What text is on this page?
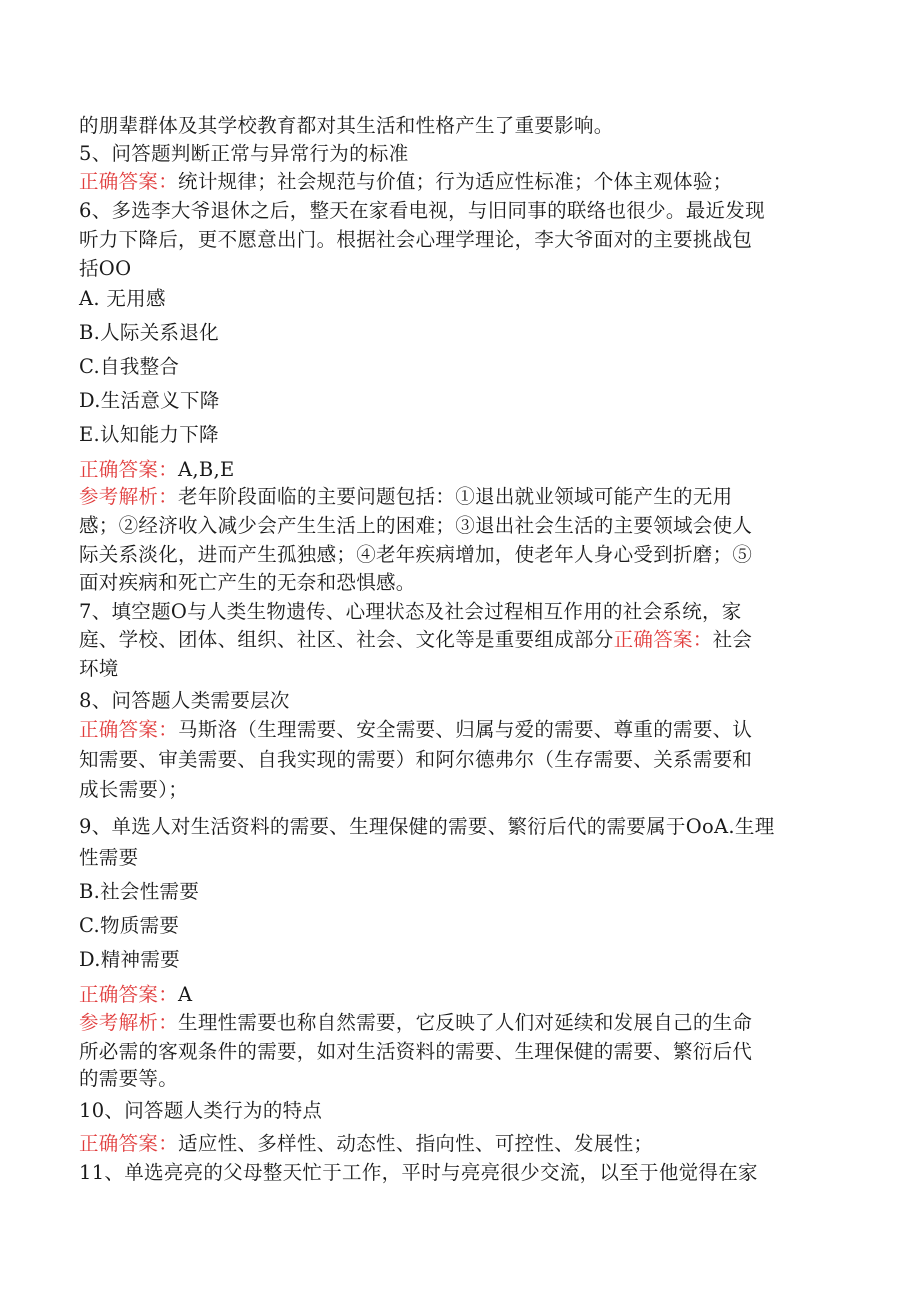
的朋辈群体及其学校教育都对其生活和性格产生了重要影响。
5、问答题判断正常与异常行为的标准
正确答案：统计规律；社会规范与价值；行为适应性标准；个体主观体验；
6、多选李大爷退休之后，整天在家看电视，与旧同事的联络也很少。最近发现
听力下降后，更不愿意出门。根据社会心理学理论，李大爷面对的主要挑战包
括OO
A. 无用感
B.人际关系退化
C.自我整合
D.生活意义下降
E.认知能力下降
正确答案：A,B,E
参考解析：老年阶段面临的主要问题包括：①退出就业领域可能产生的无用
感；②经济收入减少会产生生活上的困难；③退出社会生活的主要领域会使人
际关系淡化，进而产生孤独感；④老年疾病增加，使老年人身心受到折磨；⑤
面对疾病和死亡产生的无奈和恐惧感。
7、填空题O与人类生物遗传、心理状态及社会过程相互作用的社会系统，家
庭、学校、团体、组织、社区、社会、文化等是重要组成部分正确答案：社会
环境
8、问答题人类需要层次
正确答案：马斯洛（生理需要、安全需要、归属与爱的需要、尊重的需要、认
知需要、审美需要、自我实现的需要）和阿尔德弗尔（生存需要、关系需要和
成长需要）；
9、单选人对生活资料的需要、生理保健的需要、繁衍后代的需要属于OoA.生理
性需要
B.社会性需要
C.物质需要
D.精神需要
正确答案：A
参考解析：生理性需要也称自然需要，它反映了人们对延续和发展自己的生命
所必需的客观条件的需要，如对生活资料的需要、生理保健的需要、繁衍后代
的需要等。
10、问答题人类行为的特点
正确答案：适应性、多样性、动态性、指向性、可控性、发展性；
11、单选亮亮的父母整天忙于工作，平时与亮亮很少交流，以至于他觉得在家
